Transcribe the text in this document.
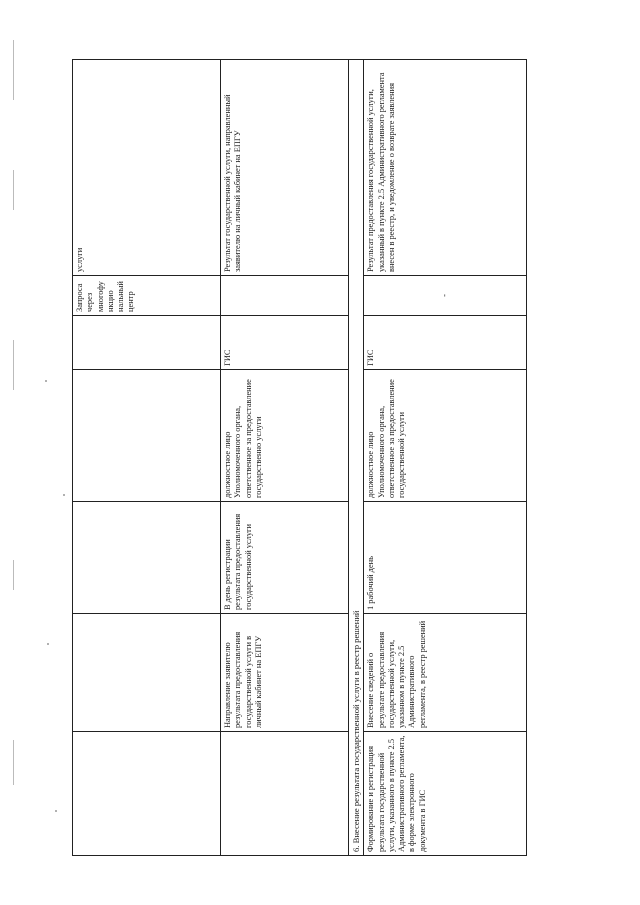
					Запроса через многофункцио нальный центр	услуги
	Направление заявителю результата предоставления государственной услуги в личный кабинет на ЕПГУ	В день регистрации результата предоставления государственной услуги	должностное лицо Уполномоченного органа, ответственное за предоставление государственно услуги	ГИС		Результат государственной услуги, направленный заявителю на личный кабинет на ЕПГУ
6. Внесение результата государственной услуги в реестр решений						
Формирование и регистрация результата государственной услуги, указанного в пункте 2.5 Административного регламента, в форме электронного документа в ГИС	Внесение сведений о результате предоставления государственной услуги, указанном в пункте 2.5 Административного регламента, в реестр решений	1 рабочий день	должностное лицо Уполномоченного органа, ответственное за предоставление государственной услуги	ГИС	-	Результат предоставления государственной услуги, указанный в пункте 2.5 Административного регламента внесен в реестр, и уведомление о возврате заявления
